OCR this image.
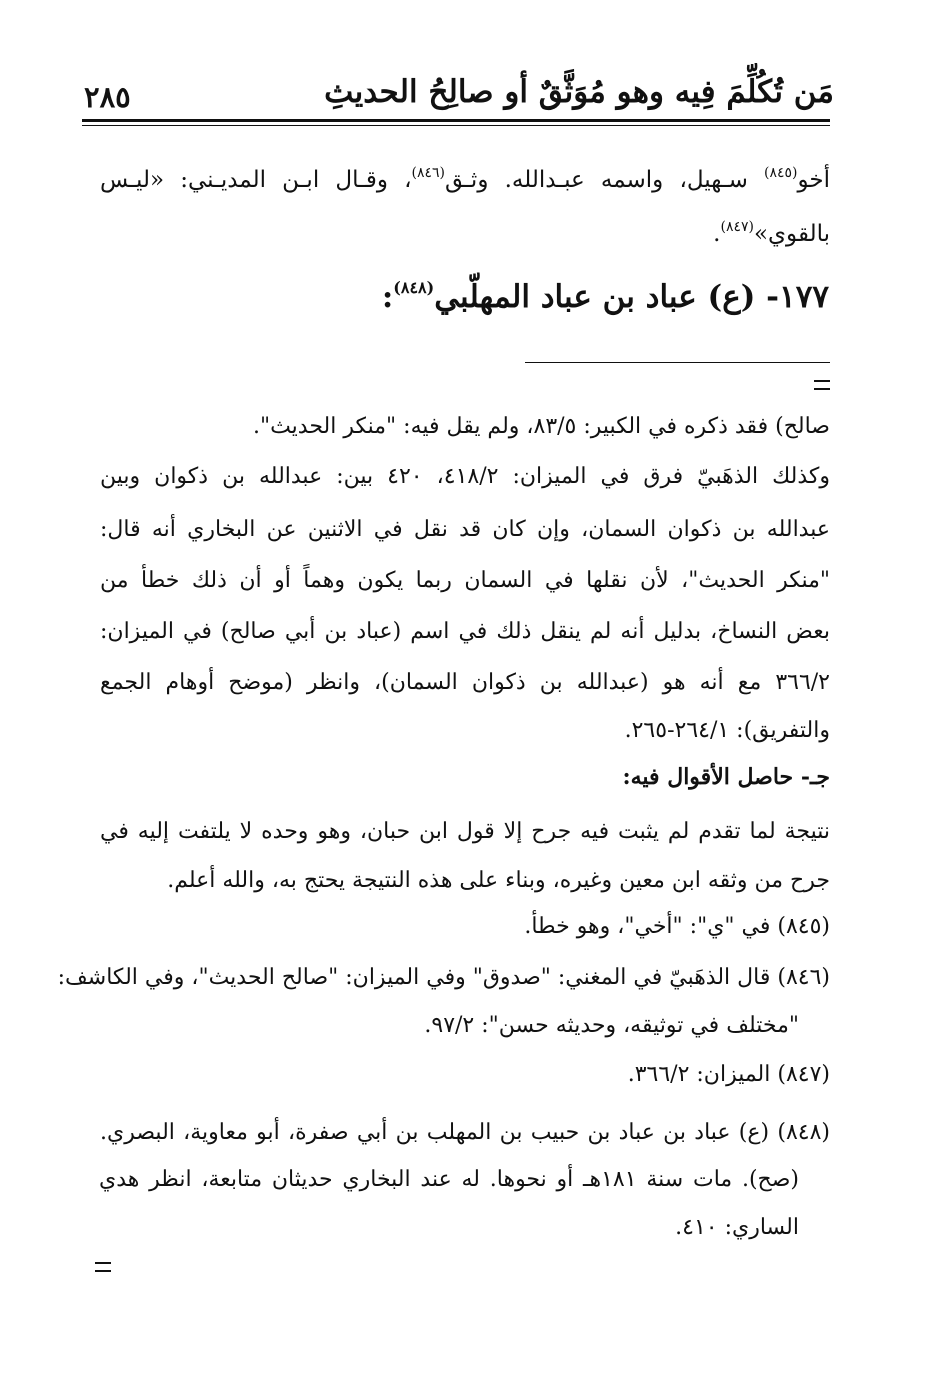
مَن تُكُلِّمَ فِيه وهو مُوَثَّقٌ أو صالِحُ الحديثِ
٢٨٥
أخو$^{(٨٤٥)}$ سـهيل، واسمه عبـدالله. وثـق$^{(٨٤٦)}$، وقـال ابـن المديـني: «ليـس
بالقوي»$^{(٨٤٧)}$.
١٧٧- (ع) عباد بن عباد المهلّبي$^{(٨٤٨)}$:
صالح) فقد ذكره في الكبير: ٨٣/٥، ولم يقل فيه: "منكر الحديث".
وكذلك الذهَبيّ فرق في الميزان: ٤١٨/٢، ٤٢٠ بين: عبدالله بن ذكوان وبين
عبدالله بن ذكوان السمان، وإن كان قد نقل في الاثنين عن البخاري أنه قال:
"منكر الحديث"، لأن نقلها في السمان ربما يكون وهماً أو أن ذلك خطأ من
بعض النساخ، بدليل أنه لم ينقل ذلك في اسم (عباد بن أبي صالح) في الميزان:
٣٦٦/٢ مع أنه هو (عبدالله بن ذكوان السمان)، وانظر (موضح أوهام الجمع
والتفريق): ٢٦٤/١-٢٦٥.
جـ- حاصل الأقوال فيه:
نتيجة لما تقدم لم يثبت فيه جرح إلا قول ابن حبان، وهو وحده لا يلتفت إليه في
جرح من وثقه ابن معين وغيره، وبناء على هذه النتيجة يحتج به، والله أعلم.
(٨٤٥) في "ي": "أخي"، وهو خطأ.
(٨٤٦) قال الذهَبيّ في المغني: "صدوق" وفي الميزان: "صالح الحديث"، وفي الكاشف:
"مختلف في توثيقه، وحديثه حسن": ٩٧/٢.
(٨٤٧) الميزان: ٣٦٦/٢.
(٨٤٨) (ع) عباد بن عباد بن حبيب بن المهلب بن أبي صفرة، أبو معاوية، البصري.
(صح). مات سنة ١٨١هـ أو نحوها. له عند البخاري حديثان متابعة، انظر هدي
الساري: ٤١٠.
